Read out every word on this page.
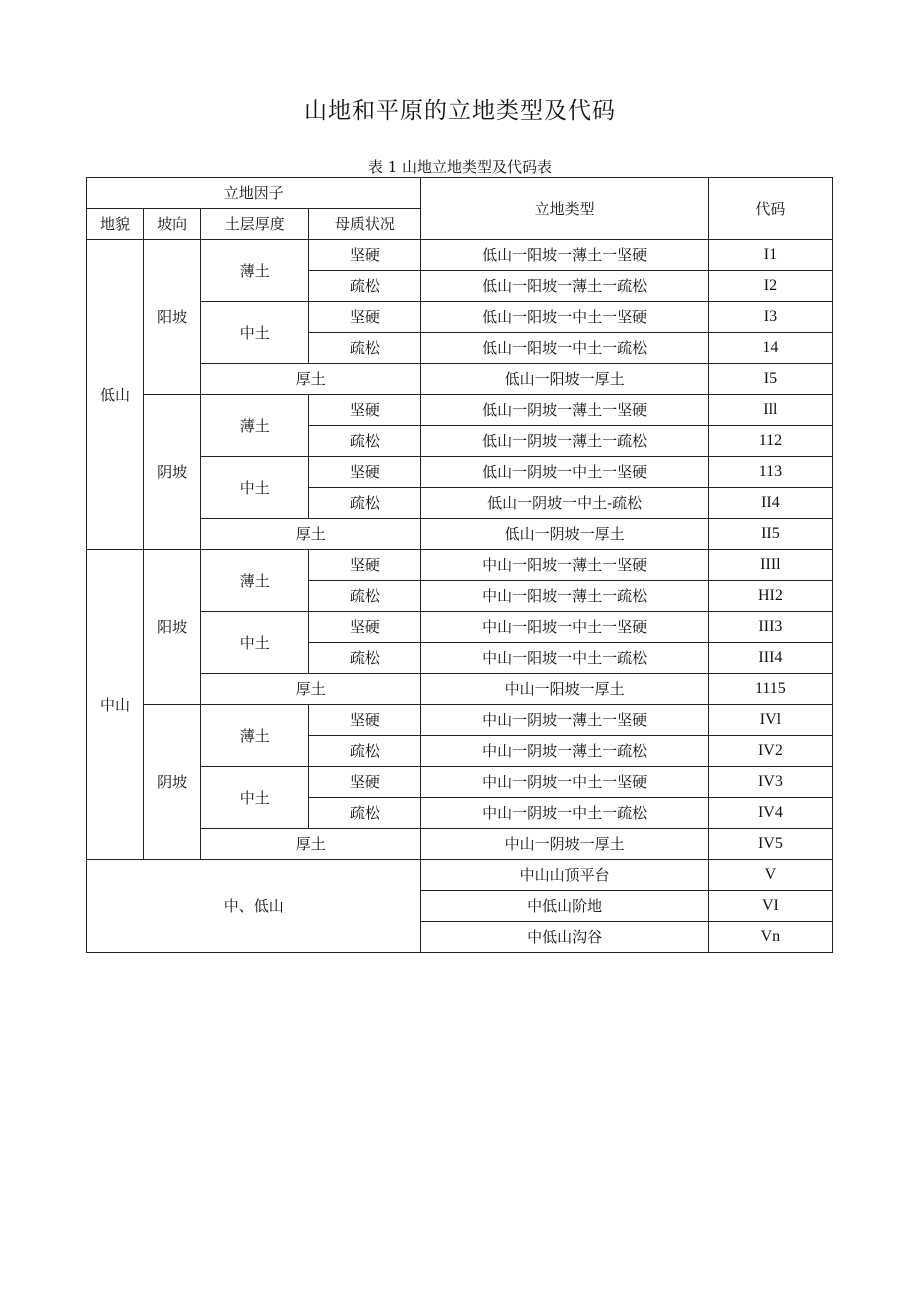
山地和平原的立地类型及代码
表 1 山地立地类型及代码表
立地因子				立地类型	代码
地貌	坡向	土层厚度	母质状况		
低山	阳坡	薄土	坚硬	低山一阳坡一薄土一坚硬	I1
			疏松	低山一阳坡一薄土一疏松	I2
		中土	坚硬	低山一阳坡一中土一坚硬	I3
			疏松	低山一阳坡一中土一疏松	14
		厚土		低山一阳坡一厚土	I5
	阴坡	薄土	坚硬	低山一阴坡一薄土一坚硬	Ill
			疏松	低山一阴坡一薄土一疏松	112
		中土	坚硬	低山一阴坡一中土一坚硬	113
			疏松	低山一阴坡一中土-疏松	II4
		厚土		低山一阴坡一厚土	II5
中山	阳坡	薄土	坚硬	中山一阳坡一薄土一坚硬	IIIl
			疏松	中山一阳坡一薄土一疏松	HI2
		中土	坚硬	中山一阳坡一中土一坚硬	III3
			疏松	中山一阳坡一中土一疏松	III4
		厚土		中山一阳坡一厚土	1115
	阴坡	薄土	坚硬	中山一阴坡一薄土一坚硬	IVl
			疏松	中山一阴坡一薄土一疏松	IV2
		中土	坚硬	中山一阴坡一中土一坚硬	IV3
			疏松	中山一阴坡一中土一疏松	IV4
		厚土		中山一阴坡一厚土	IV5
中、低山				中山山顶平台	V
				中低山阶地	VI
				中低山沟谷	Vn
